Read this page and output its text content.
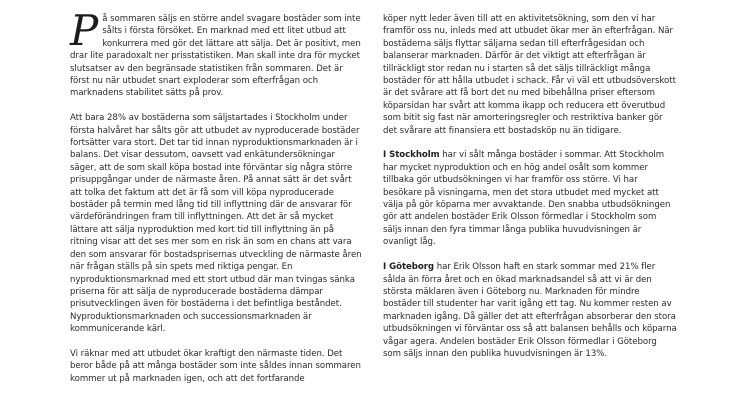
På sommaren säljs en större andel svagare bostäder som inte sålts i första försöket. En marknad med ett litet utbud att konkurrera med gör det lättare att sälja. Det är positivt, men drar lite paradoxalt ner prisstatistiken. Man skall inte dra för mycket slutsatser av den begränsade statistiken från sommaren. Det är först nu när utbudet snart exploderar som efterfrågan och marknadens stabilitet sätts på prov.

Att bara 28% av bostäderna som säljstartades i Stockholm under första halvåret har sålts gör att utbudet av nyproducerade bostäder fortsätter vara stort. Det tar tid innan nyproduktionsmarknaden är i balans. Det visar dessutom, oavsett vad enkätundersökningar säger, att de som skall köpa bostad inte förväntar sig några större prisuppgångar under de närmaste åren. På annat sätt är det svårt att tolka det faktum att det är få som vill köpa nyproducerade bostäder på termin med lång tid till inflyttning där de ansvarar för värdeförändringen fram till inflyttningen. Att det är så mycket lättare att sälja nyproduktion med kort tid till inflyttning än på ritning visar att det ses mer som en risk än som en chans att vara den som ansvarar för bostadsprisernas utveckling de närmaste åren när frågan ställs på sin spets med riktiga pengar. En nyproduktionsmarknad med ett stort utbud där man tvingas sänka priserna för att sälja de nyproducerade bostäderna dämpar prisutvecklingen även för bostäderna i det befintliga beståndet. Nyproduktionsmarknaden och successionsmarknaden är kommunicerande kärl.

Vi räknar med att utbudet ökar kraftigt den närmaste tiden. Det beror både på att många bostäder som inte såldes innan sommaren kommer ut på marknaden igen, och att det fortfarande

köper nytt leder även till att en aktivitetsökning, som den vi har framför oss nu, inleds med att utbudet ökar mer än efterfrågan. När bostäderna säljs flyttar säljarna sedan till efterfrågesidan och balanserar marknaden. Därför är det viktigt att efterfrågan är tillräckligt stor redan nu i starten så det säljs tillräckligt många bostäder för att hålla utbudet i schack. Får vi väl ett utbudsöverskott är det svårare att få bort det nu med bibehållna priser eftersom köparsidan har svårt att komma ikapp och reducera ett överutbud som bitit sig fast när amorteringsregler och restriktiva banker gör det svårare att finansiera ett bostadsköp nu än tidigare.

I Stockholm har vi sålt många bostäder i sommar. Att Stockholm har mycket nyproduktion och en hög andel osålt som kommer tillbaka gör utbudsökningen vi har framför oss större. Vi har besökare på visningarna, men det stora utbudet med mycket att välja på gör köparna mer avvaktande. Den snabba utbudsökningen gör att andelen bostäder Erik Olsson förmedlar i Stockholm som säljs innan den fyra timmar långa publika huvudvisningen är ovanligt låg.

I Göteborg har Erik Olsson haft en stark sommar med 21% fler sålda än förra året och en ökad marknadsandel så att vi är den största mäklaren även i Göteborg nu. Marknaden för mindre bostäder till studenter har varit igång ett tag. Nu kommer resten av marknaden igång. Då gäller det att efterfrågan absorberar den stora utbudsökningen vi förväntar oss så att balansen behålls och köparna vågar agera. Andelen bostäder Erik Olsson förmedlar i Göteborg som säljs innan den publika huvudvisningen är 13%.
